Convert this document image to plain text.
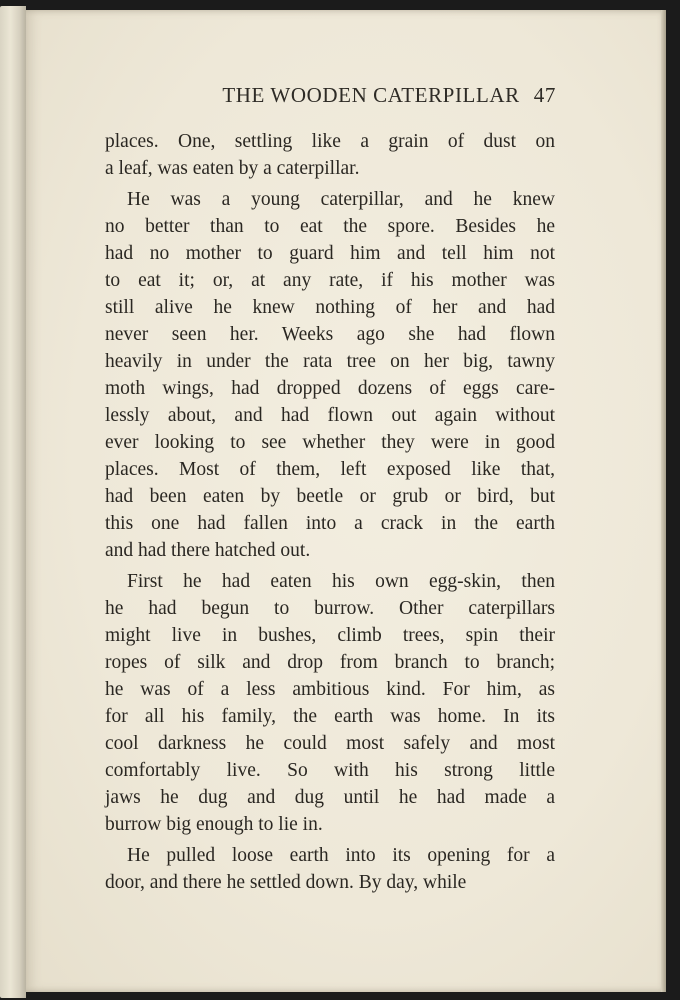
THE WOODEN CATERPILLAR 47
places. One, settling like a grain of dust on
a leaf, was eaten by a caterpillar.
He was a young caterpillar, and he knew
no better than to eat the spore. Besides he
had no mother to guard him and tell him not
to eat it; or, at any rate, if his mother was
still alive he knew nothing of her and had
never seen her. Weeks ago she had flown
heavily in under the rata tree on her big, tawny
moth wings, had dropped dozens of eggs care-
lessly about, and had flown out again without
ever looking to see whether they were in good
places. Most of them, left exposed like that,
had been eaten by beetle or grub or bird, but
this one had fallen into a crack in the earth
and had there hatched out.
First he had eaten his own egg-skin, then
he had begun to burrow. Other caterpillars
might live in bushes, climb trees, spin their
ropes of silk and drop from branch to branch;
he was of a less ambitious kind. For him, as
for all his family, the earth was home. In its
cool darkness he could most safely and most
comfortably live. So with his strong little
jaws he dug and dug until he had made a
burrow big enough to lie in.
He pulled loose earth into its opening for a
door, and there he settled down. By day, while
